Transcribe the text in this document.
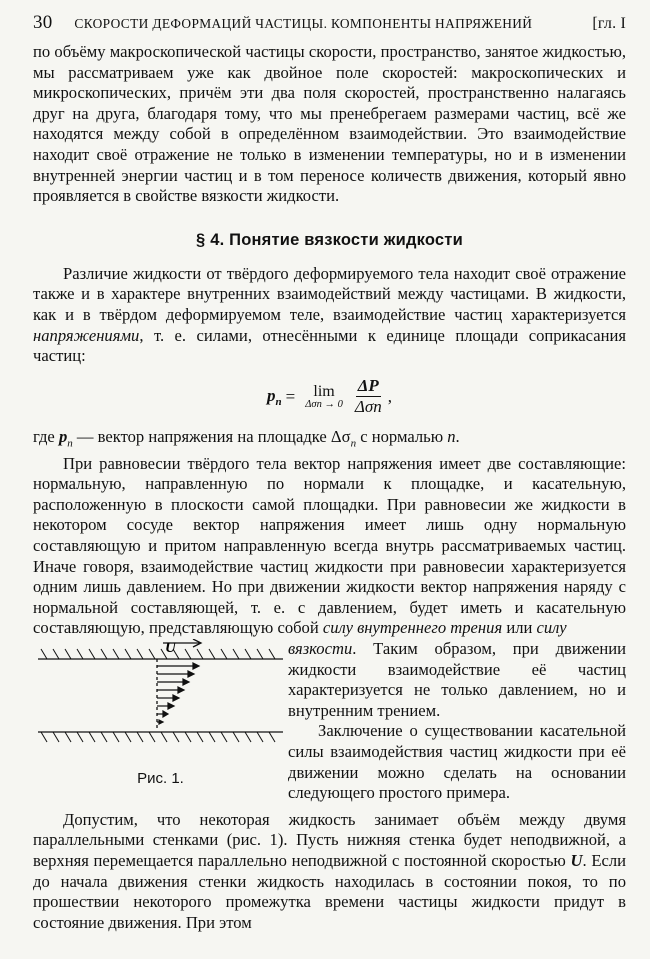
30 СКОРОСТИ ДЕФОРМАЦИЙ ЧАСТИЦЫ. КОМПОНЕНТЫ НАПРЯЖЕНИЙ	[гл. I

по объёму макроскопической частицы скорости, пространство, занятое жидкостью, мы рассматриваем уже как двойное поле скоростей: макроскопических и микроскопических, причём эти два поля скоростей, пространственно налагаясь друг на друга, благодаря тому, что мы пренебрегаем размерами частиц, всё же находятся между собой в определённом взаимодействии. Это взаимодействие находит своё отражение не только в изменении температуры, но и в изменении внутренней энергии частиц и в том переносе количеств движения, который явно проявляется в свойстве вязкости жидкости.

§ 4. Понятие вязкости жидкости

Различие жидкости от твёрдого деформируемого тела находит своё отражение также и в характере внутренних взаимодействий между частицами. В жидкости, как и в твёрдом деформируемом теле, взаимодействие частиц характеризуется напряжениями, т. е. силами, отнесёнными к единице площади соприкасания частиц:

$p_n = \lim$
$\Delta\sigma n \to 0 \frac{\Delta P}{\text{Δσn}}$ ,

где $p_n$ — вектор напряжения на площадке $\Delta\sigma_n$ с нормалью n.

При равновесии твёрдого тела вектор напряжения имеет две составляющие: нормальную, направленную по нормали к площадке, и касательную, расположенную в плоскости самой площадки. При равновесии же жидкости в некотором сосуде вектор напряжения имеет лишь одну нормальную составляющую и притом направленную всегда внутрь рассматриваемых частиц. Иначе говоря, взаимодействие частиц жидкости при равновесии характеризуется одним лишь давлением. Но при движении жидкости вектор напряжения наряду с нормальной составляющей, т. е. с давлением, будет иметь и касательную составляющую, представляющую собой силу внутреннего трения или силу

U
Рис. 1.

вязкости. Таким образом, при движении жидкости взаимодействие её частиц характеризуется не только давлением, но и внутренним трением.

Заключение о существовании касательной силы взаимодействия частиц жидкости при её движении можно сделать на основании следующего простого примера.

Допустим, что некоторая жидкость занимает объём между двумя параллельными стенками (рис. 1). Пусть нижняя стенка будет неподвижной, а верхняя перемещается параллельно неподвижной с постоянной скоростью U. Если до начала движения стенки жидкость находилась в состоянии покоя, то по прошествии некоторого промежутка времени частицы жидкости придут в состояние движения. При этом
